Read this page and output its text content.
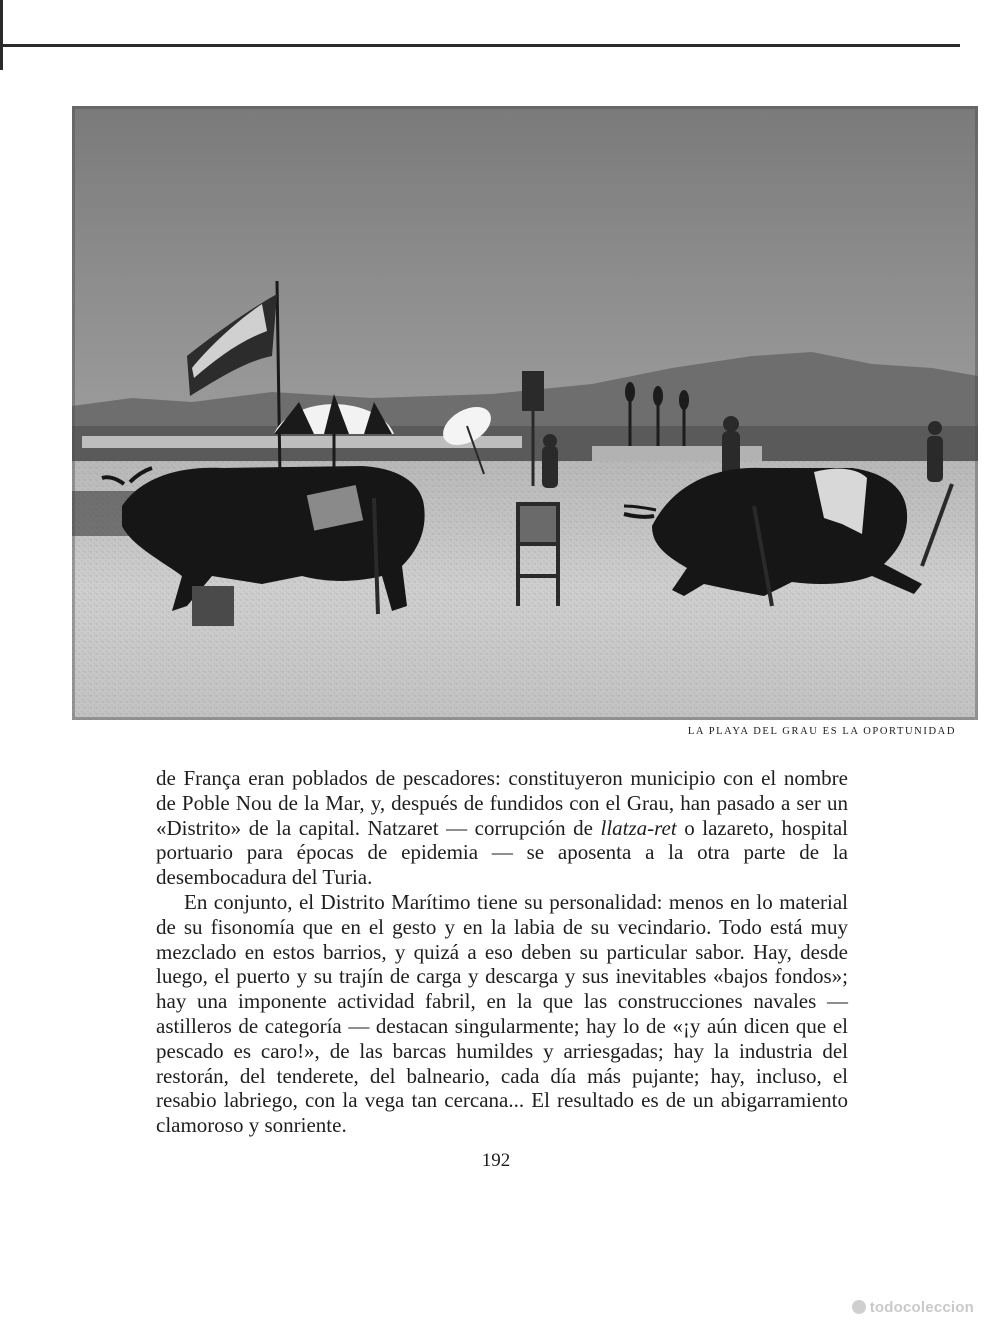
LA PLAYA DEL GRAU ES LA OPORTUNIDAD

de França eran poblados de pescadores: constituyeron municipio con el nombre de Poble Nou de la Mar, y, después de fundidos con el Grau, han pasado a ser un «Distrito» de la capital. Natzaret — corrupción de llatza-ret o lazareto, hospital portuario para épocas de epidemia — se aposenta a la otra parte de la desembocadura del Turia.

En conjunto, el Distrito Marítimo tiene su personalidad: menos en lo material de su fisonomía que en el gesto y en la labia de su vecindario. Todo está muy mezclado en estos barrios, y quizá a eso deben su particular sabor. Hay, desde luego, el puerto y su trajín de carga y descarga y sus inevitables «bajos fondos»; hay una imponente actividad fabril, en la que las construcciones navales — astilleros de categoría — destacan singularmente; hay lo de «¡y aún dicen que el pescado es caro!», de las barcas humildes y arriesgadas; hay la industria del restorán, del tenderete, del balneario, cada día más pujante; hay, incluso, el resabio labriego, con la vega tan cercana... El resultado es de un abigarramiento clamoroso y sonriente.

192
todocoleccion
